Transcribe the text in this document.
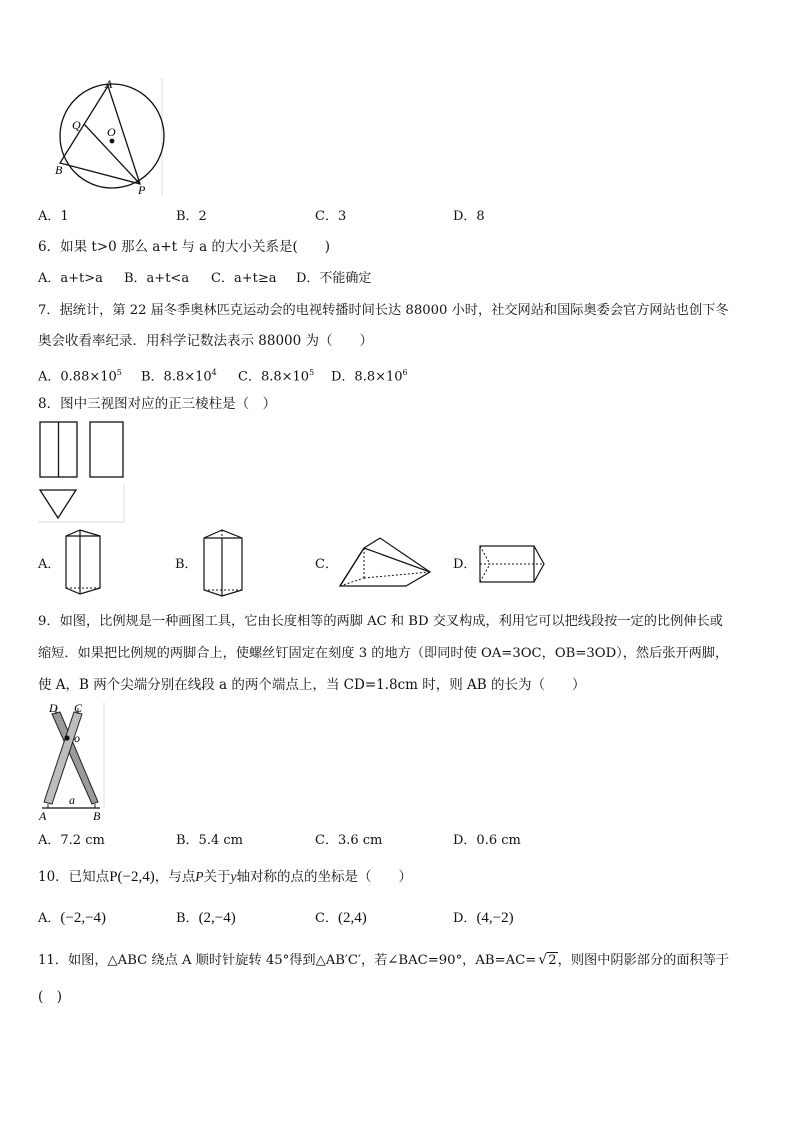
A
Q O
B
P
A．1	B．2	C．3	D．8
6．如果 t>0 那么 a+t 与 a 的大小关系是(　　)
A．a+t>a B．a+t<a C．a+t≥a D．不能确定
7．据统计，第 22 届冬季奥林匹克运动会的电视转播时间长达 88000 小时，社交网站和国际奥委会官方网站也创下冬
奥会收看率纪录．用科学记数法表示 88000 为（　　）
A．$0.88\times 10^5$ B．$8.8\times 10^4$ C．$8.8\times 10^5$ D．$8.8\times 10^6$
8．图中三视图对应的正三棱柱是（　）
A．	B．	C．	D．
9．如图，比例规是一种画图工具，它由长度相等的两脚 AC 和 BD 交叉构成，利用它可以把线段按一定的比例伸长或
缩短．如果把比例规的两脚合上，使螺丝钉固定在刻度 3 的地方（即同时使 OA=3OC，OB=3OD），然后张开两脚，
使 A，B 两个尖端分别在线段 a 的两个端点上，当 CD=1.8cm 时，则 AB 的长为（　　）
D C
o
a
A	B
A．7.2 cm	B．5.4 cm	C．3.6 cm	D．0.6 cm
10．已知点P(−2,4)，与点P关于y轴对称的点的坐标是（　　）
A．(−2,−4)	B．(2,−4)	C．(2,4)	D．(4,−2)
11．如图，△ABC 绕点 A 顺时针旋转 45°得到△AB′C′，若∠BAC=90°，AB=AC= √ 2，则图中阴影部分的面积等于
(　)
